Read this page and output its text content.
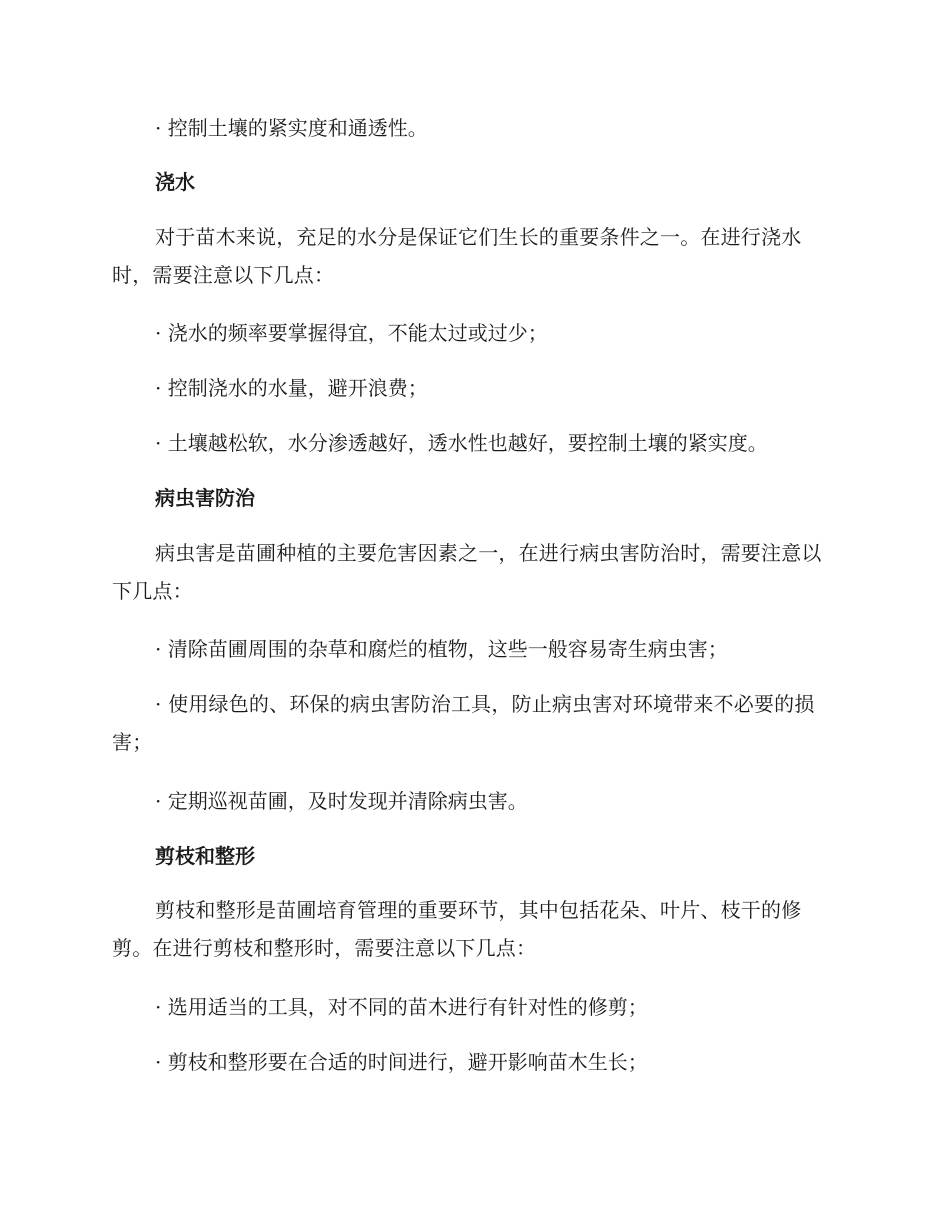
· 控制土壤的紧实度和通透性。

浇水

对于苗木来说，充足的水分是保证它们生长的重要条件之一。在进行浇水时，需要注意以下几点：

· 浇水的频率要掌握得宜，不能太过或过少；

· 控制浇水的水量，避开浪费；

· 土壤越松软，水分渗透越好，透水性也越好，要控制土壤的紧实度。

病虫害防治

病虫害是苗圃种植的主要危害因素之一，在进行病虫害防治时，需要注意以下几点：

· 清除苗圃周围的杂草和腐烂的植物，这些一般容易寄生病虫害；

· 使用绿色的、环保的病虫害防治工具，防止病虫害对环境带来不必要的损害；

· 定期巡视苗圃，及时发现并清除病虫害。

剪枝和整形

剪枝和整形是苗圃培育管理的重要环节，其中包括花朵、叶片、枝干的修剪。在进行剪枝和整形时，需要注意以下几点：

· 选用适当的工具，对不同的苗木进行有针对性的修剪；

· 剪枝和整形要在合适的时间进行，避开影响苗木生长；
